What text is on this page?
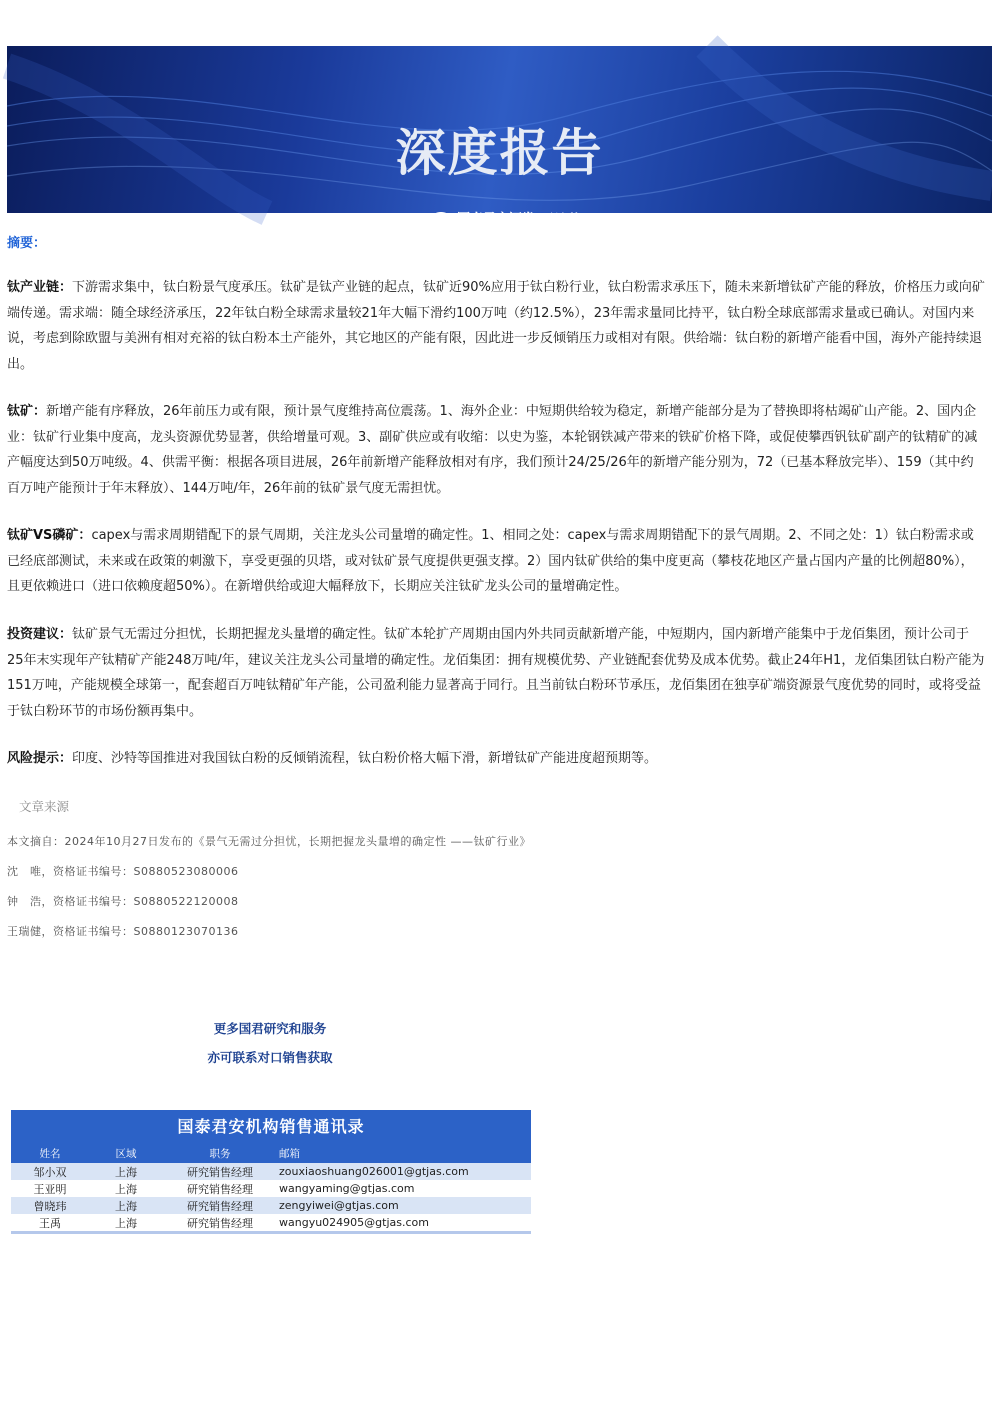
深度报告
国泰君安证券 研究所
摘要：

钛产业链：下游需求集中，钛白粉景气度承压。钛矿是钛产业链的起点，钛矿近90%应用于钛白粉行业，钛白粉需求承压下，随未来新增钛矿产能的释放，价格压力或向矿端传递。需求端：随全球经济承压，22年钛白粉全球需求量较21年大幅下滑约100万吨（约12.5%），23年需求量同比持平，钛白粉全球底部需求量或已确认。对国内来说，考虑到除欧盟与美洲有相对充裕的钛白粉本土产能外，其它地区的产能有限，因此进一步反倾销压力或相对有限。供给端：钛白粉的新增产能看中国，海外产能持续退出。

钛矿：新增产能有序释放，26年前压力或有限，预计景气度维持高位震荡。1、海外企业：中短期供给较为稳定，新增产能部分是为了替换即将枯竭矿山产能。2、国内企业：钛矿行业集中度高，龙头资源优势显著，供给增量可观。3、副矿供应或有收缩：以史为鉴，本轮钢铁减产带来的铁矿价格下降，或促使攀西钒钛矿副产的钛精矿的减产幅度达到50万吨级。4、供需平衡：根据各项目进展，26年前新增产能释放相对有序，我们预计24/25/26年的新增产能分别为，72（已基本释放完毕）、159（其中约百万吨产能预计于年末释放）、144万吨/年，26年前的钛矿景气度无需担忧。

钛矿VS磷矿：capex与需求周期错配下的景气周期，关注龙头公司量增的确定性。1、相同之处：capex与需求周期错配下的景气周期。2、不同之处：1）钛白粉需求或已经底部测试，未来或在政策的刺激下，享受更强的贝塔，或对钛矿景气度提供更强支撑。2）国内钛矿供给的集中度更高（攀枝花地区产量占国内产量的比例超80%），且更依赖进口（进口依赖度超50%）。在新增供给或迎大幅释放下，长期应关注钛矿龙头公司的量增确定性。

投资建议：钛矿景气无需过分担忧，长期把握龙头量增的确定性。钛矿本轮扩产周期由国内外共同贡献新增产能，中短期内，国内新增产能集中于龙佰集团，预计公司于25年末实现年产钛精矿产能248万吨/年，建议关注龙头公司量增的确定性。龙佰集团：拥有规模优势、产业链配套优势及成本优势。截止24年H1，龙佰集团钛白粉产能为151万吨，产能规模全球第一，配套超百万吨钛精矿年产能，公司盈利能力显著高于同行。且当前钛白粉环节承压，龙佰集团在独享矿端资源景气度优势的同时，或将受益于钛白粉环节的市场份额再集中。

风险提示：印度、沙特等国推进对我国钛白粉的反倾销流程，钛白粉价格大幅下滑，新增钛矿产能进度超预期等。

文章来源
本文摘自：2024年10月27日发布的《景气无需过分担忧，长期把握龙头量增的确定性 ——钛矿行业》
沈　唯，资格证书编号：S0880523080006
钟　浩，资格证书编号：S0880522120008
王瑞健，资格证书编号：S0880123070136
更多国君研究和服务
亦可联系对口销售获取
国泰君安机构销售通讯录
姓名	区域	职务	邮箱
邹小双	上海	研究销售经理	zouxiaoshuang026001@gtjas.com
王亚明	上海	研究销售经理	wangyaming@gtjas.com
曾晓玮	上海	研究销售经理	zengyiwei@gtjas.com
王禹	上海	研究销售经理	wangyu024905@gtjas.com
